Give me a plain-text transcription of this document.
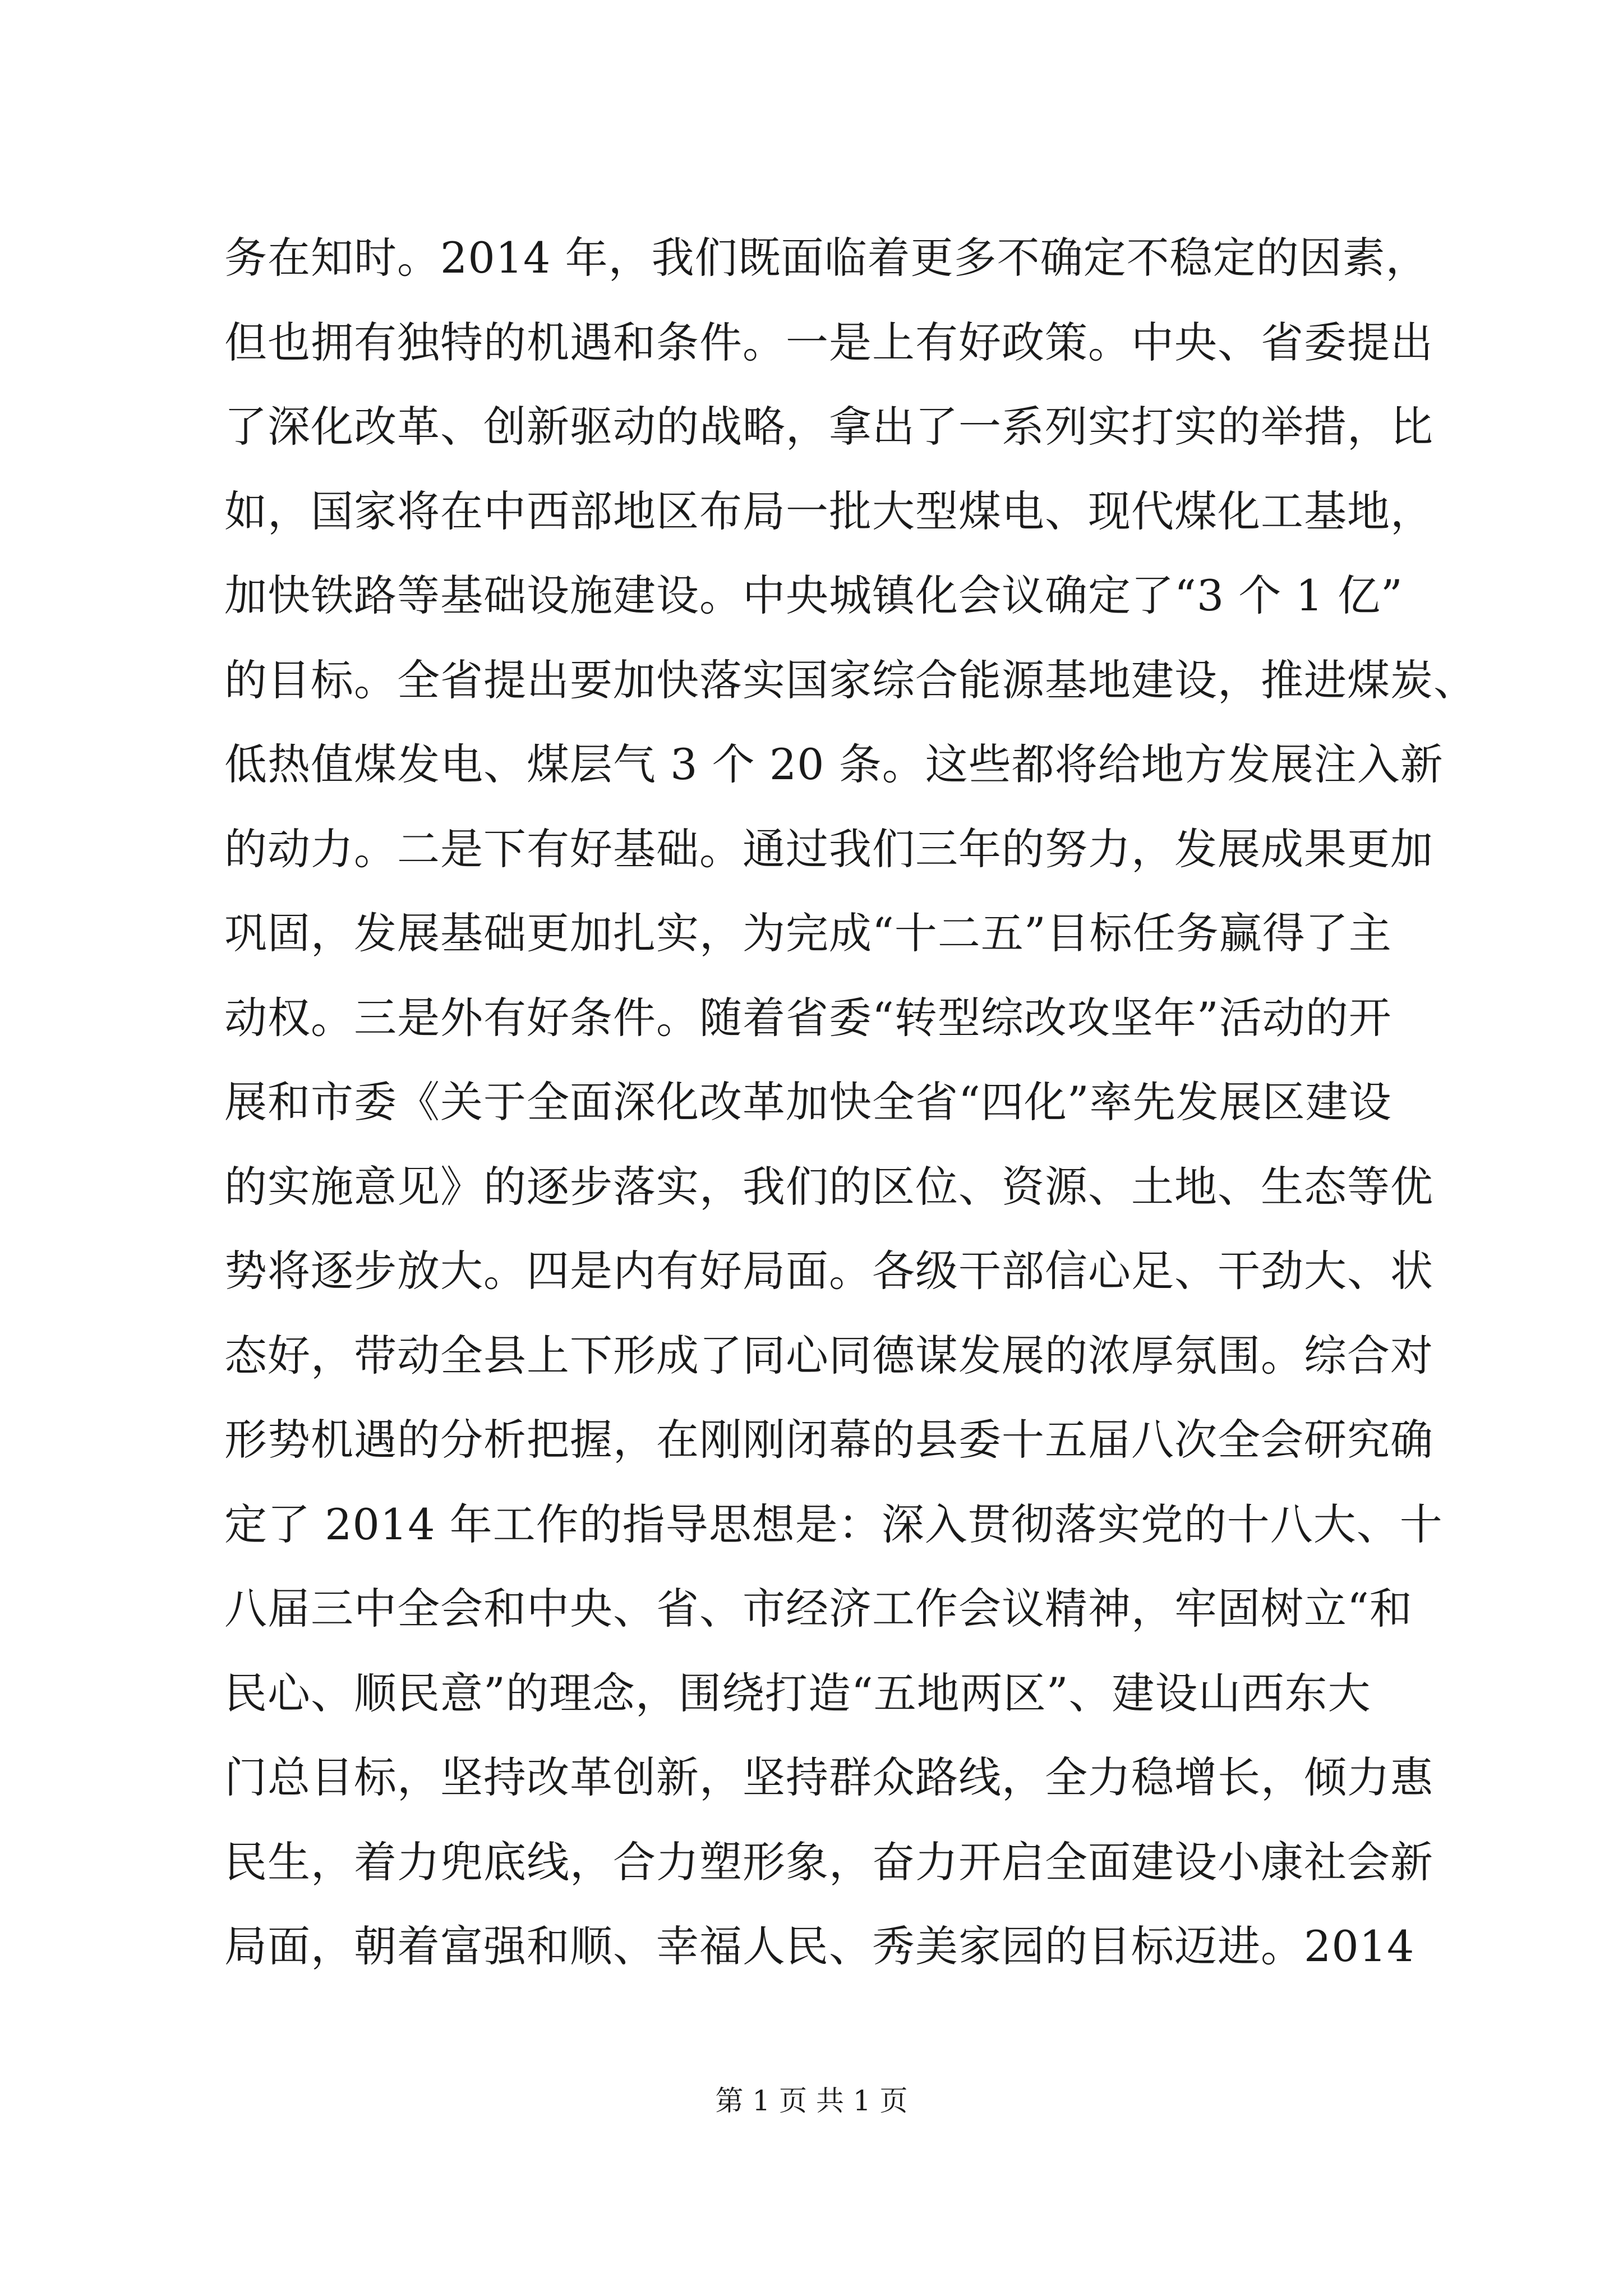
务在知时。2014 年，我们既面临着更多不确定不稳定的因素，
但也拥有独特的机遇和条件。一是上有好政策。中央、省委提出
了深化改革、创新驱动的战略，拿出了一系列实打实的举措，比
如，国家将在中西部地区布局一批大型煤电、现代煤化工基地，
加快铁路等基础设施建设。中央城镇化会议确定了“3 个 1 亿”
的目标。全省提出要加快落实国家综合能源基地建设，推进煤炭、
低热值煤发电、煤层气 3 个 20 条。这些都将给地方发展注入新
的动力。二是下有好基础。通过我们三年的努力，发展成果更加
巩固，发展基础更加扎实，为完成“十二五”目标任务赢得了主
动权。三是外有好条件。随着省委“转型综改攻坚年”活动的开
展和市委《关于全面深化改革加快全省“四化”率先发展区建设
的实施意见》的逐步落实，我们的区位、资源、土地、生态等优
势将逐步放大。四是内有好局面。各级干部信心足、干劲大、状
态好，带动全县上下形成了同心同德谋发展的浓厚氛围。综合对
形势机遇的分析把握，在刚刚闭幕的县委十五届八次全会研究确
定了 2014 年工作的指导思想是：深入贯彻落实党的十八大、十
八届三中全会和中央、省、市经济工作会议精神，牢固树立“和
民心、顺民意”的理念，围绕打造“五地两区”、建设山西东大
门总目标，坚持改革创新，坚持群众路线，全力稳增长，倾力惠
民生，着力兜底线，合力塑形象，奋力开启全面建设小康社会新
局面，朝着富强和顺、幸福人民、秀美家园的目标迈进。2014
第 1 页 共 1 页
